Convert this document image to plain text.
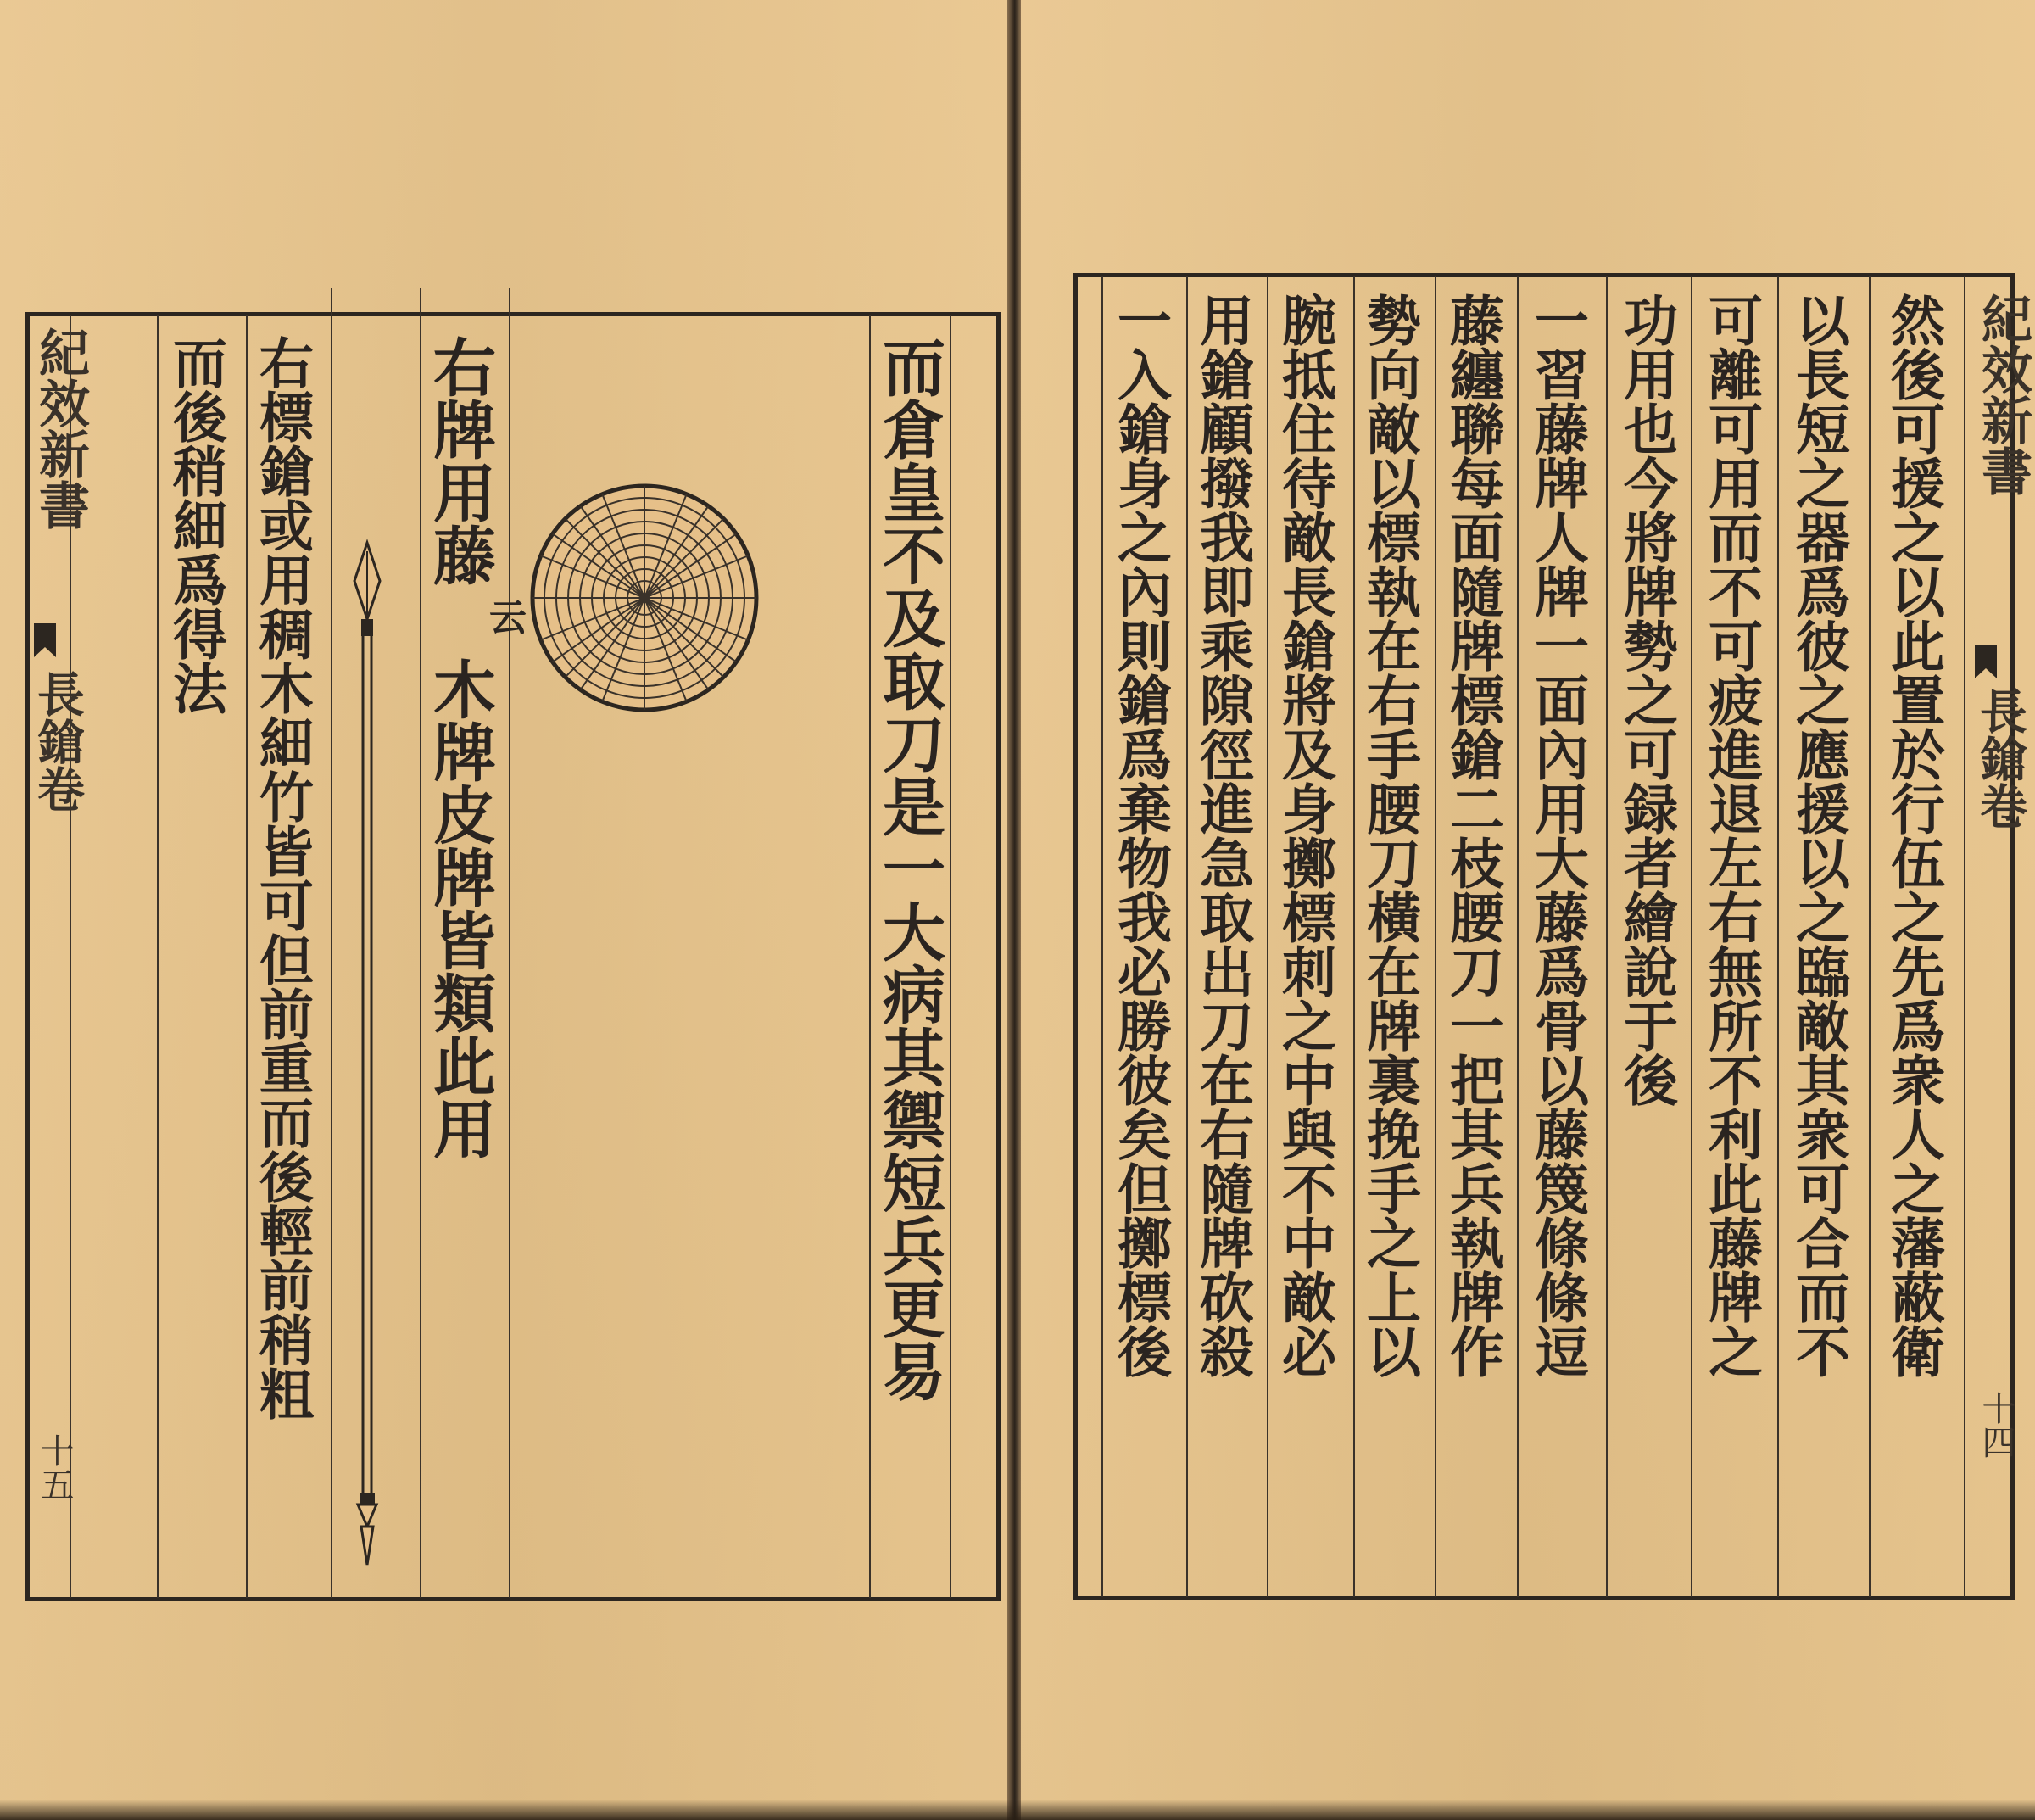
紀效新書
長鎗卷
十五
而倉皇不及取刀是一大病其禦短兵更易
右牌用藤
云
木牌皮牌皆類此用
右標鎗或用稠木細竹皆可但前重而後輕前稍粗
而後稍細爲得法	然後可援之以此置於行伍之先爲衆人之藩蔽衛
以長短之器爲彼之應援以之臨敵其衆可合而不
可離可用而不可疲進退左右無所不利此藤牌之
功用也今將牌勢之可録者繪說于後
一習藤牌人牌一面內用大藤爲骨以藤篾條條逗
藤纏聯每面隨牌標鎗二枝腰刀一把其兵執牌作
勢向敵以標執在右手腰刀橫在牌裏挽手之上以
腕抵住待敵長鎗將及身擲標刺之中與不中敵必
用鎗顧撥我即乘隙徑進急取出刀在右隨牌砍殺
一入鎗身之內則鎗爲棄物我必勝彼矣但擲標後	紀效新書
長鎗卷
十四
